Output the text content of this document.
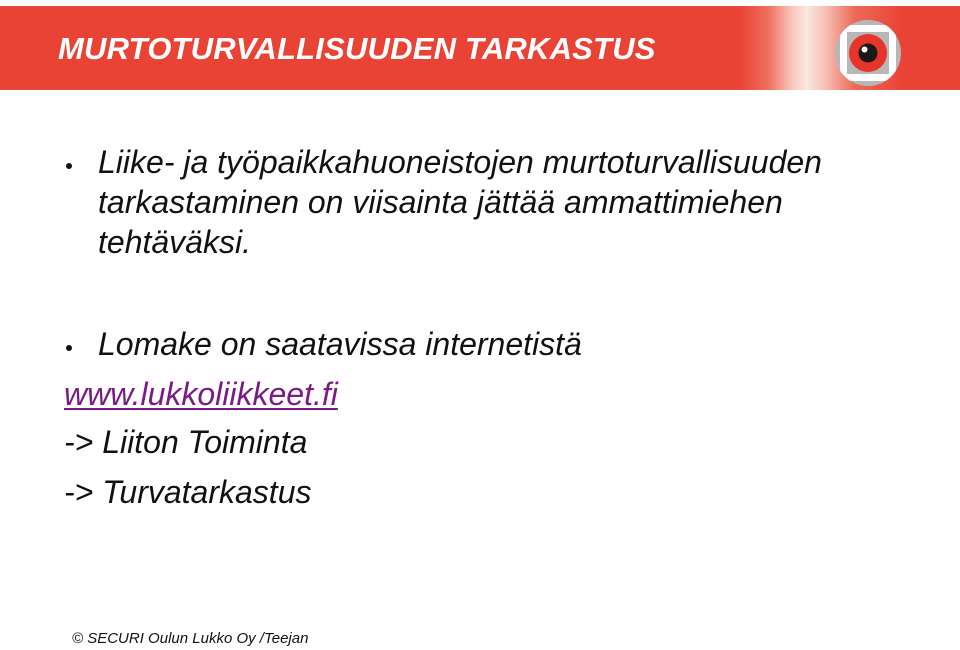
MURTOTURVALLISUUDEN TARKASTUS

Liike- ja työpaikkahuoneistojen murtoturvallisuuden tarkastaminen on viisainta jättää ammattimiehen tehtäväksi.

Lomake on saatavissa internetistä

www.lukkoliikkeet.fi

-> Liiton Toiminta

-> Turvatarkastus

© SECURI Oulun Lukko Oy /Teejan
